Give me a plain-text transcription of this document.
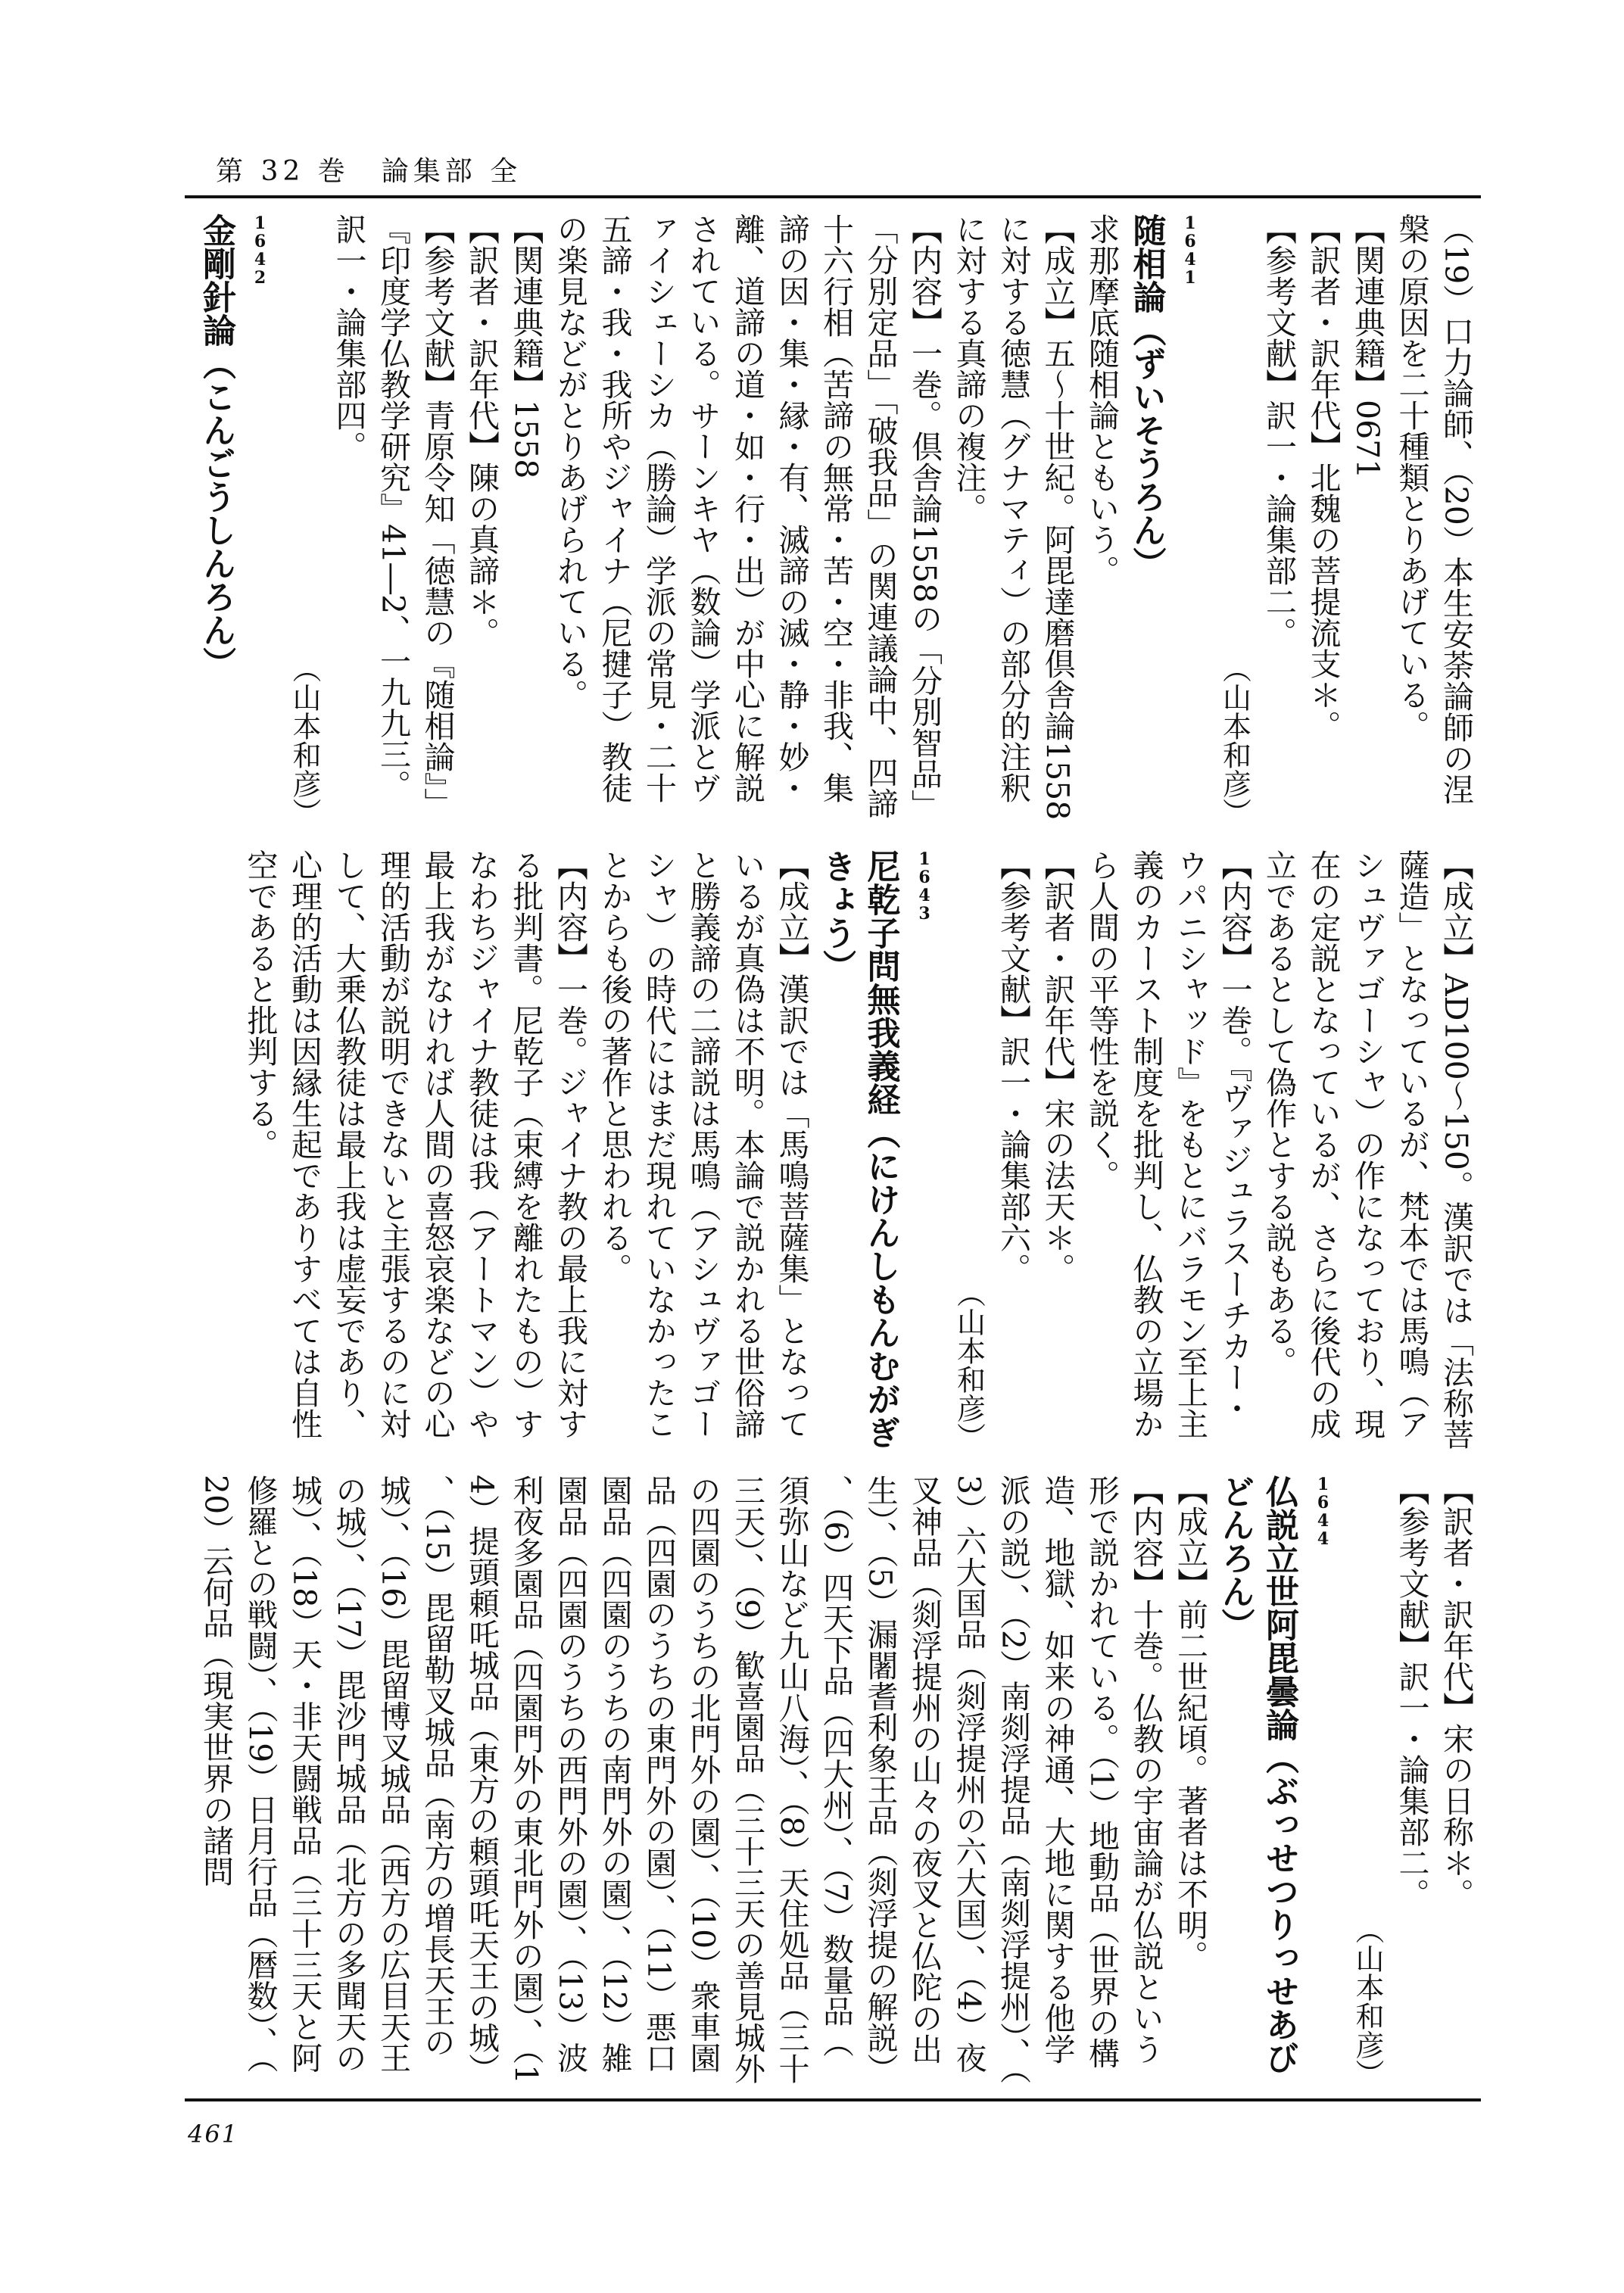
第 32 巻　論集部 全
（19）口力論師、（20）本生安荼論師の涅槃の原因を二十種類とりあげている。
【関連典籍】0671
【訳者・訳年代】北魏の菩提流支＊。
【参考文献】訳一・論集部二。
（山本和彦）
1641
随相論（ずいそうろん）
求那摩底随相論ともいう。
【成立】五〜十世紀。阿毘達磨倶舎論1558に対する徳慧（グナマティ）の部分的注釈に対する真諦の複注。
【内容】一巻。倶舎論1558の「分別智品」「分別定品」「破我品」の関連議論中、四諦十六行相（苦諦の無常・苦・空・非我、集諦の因・集・縁・有、滅諦の滅・静・妙・離、道諦の道・如・行・出）が中心に解説されている。サーンキヤ（数論）学派とヴァイシェーシカ（勝論）学派の常見・二十五諦・我・我所やジャイナ（尼揵子）教徒の楽見などがとりあげられている。
【関連典籍】1558
【訳者・訳年代】陳の真諦＊。
【参考文献】青原令知「徳慧の『随相論』」『印度学仏教学研究』41―2、一九九三。訳一・論集部四。
（山本和彦）
1642
金剛針論（こんごうしんろん）
【成立】AD100〜150。漢訳では「法称菩薩造」となっているが、梵本では馬鳴（アシュヴァゴーシャ）の作になっており、現在の定説となっているが、さらに後代の成立であるとして偽作とする説もある。
【内容】一巻。『ヴァジュラスーチカー・ウパニシャッド』をもとにバラモン至上主義のカースト制度を批判し、仏教の立場から人間の平等性を説く。
【訳者・訳年代】宋の法天＊。
【参考文献】訳一・論集部六。
（山本和彦）
1643
尼乾子問無我義経（にけんしもんむがぎきょう）
【成立】漢訳では「馬鳴菩薩集」となっているが真偽は不明。本論で説かれる世俗諦と勝義諦の二諦説は馬鳴（アシュヴァゴーシャ）の時代にはまだ現れていなかったことからも後の著作と思われる。
【内容】一巻。ジャイナ教の最上我に対する批判書。尼乾子（束縛を離れたもの）すなわちジャイナ教徒は我（アートマン）や最上我がなければ人間の喜怒哀楽などの心理的活動が説明できないと主張するのに対して、大乗仏教徒は最上我は虚妄であり、心理的活動は因縁生起でありすべては自性空であると批判する。
【訳者・訳年代】宋の日称＊。
【参考文献】訳一・論集部二。
（山本和彦）
1644
仏説立世阿毘曇論（ぶっせつりっせあびどんろん）
【成立】前二世紀頃。著者は不明。
【内容】十巻。仏教の宇宙論が仏説という形で説かれている。（1）地動品（世界の構造、地獄、如来の神通、大地に関する他学派の説）、（2）南剡浮提品（南剡浮提州）、（3）六大国品（剡浮提州の六大国）、（4）夜叉神品（剡浮提州の山々の夜叉と仏陀の出生）、（5）漏闍耆利象王品（剡浮提の解説）、（6）四天下品（四大州）、（7）数量品（須弥山など九山八海）、（8）天住処品（三十三天）、（9）歓喜園品（三十三天の善見城外の四園のうちの北門外の園）、（10）衆車園品（四園のうちの東門外の園）、（11）悪口園品（四園のうちの南門外の園）、（12）雑園品（四園のうちの西門外の園）、（13）波利夜多園品（四園門外の東北門外の園）、（14）提頭頼吒城品（東方の頼頭吒天王の城）、（15）毘留勒叉城品（南方の増長天王の城）、（16）毘留博叉城品（西方の広目天王の城）、（17）毘沙門城品（北方の多聞天の城）、（18）天・非天闘戦品（三十三天と阿修羅との戦闘）、（19）日月行品（暦数）、（20）云何品（現実世界の諸問
461
